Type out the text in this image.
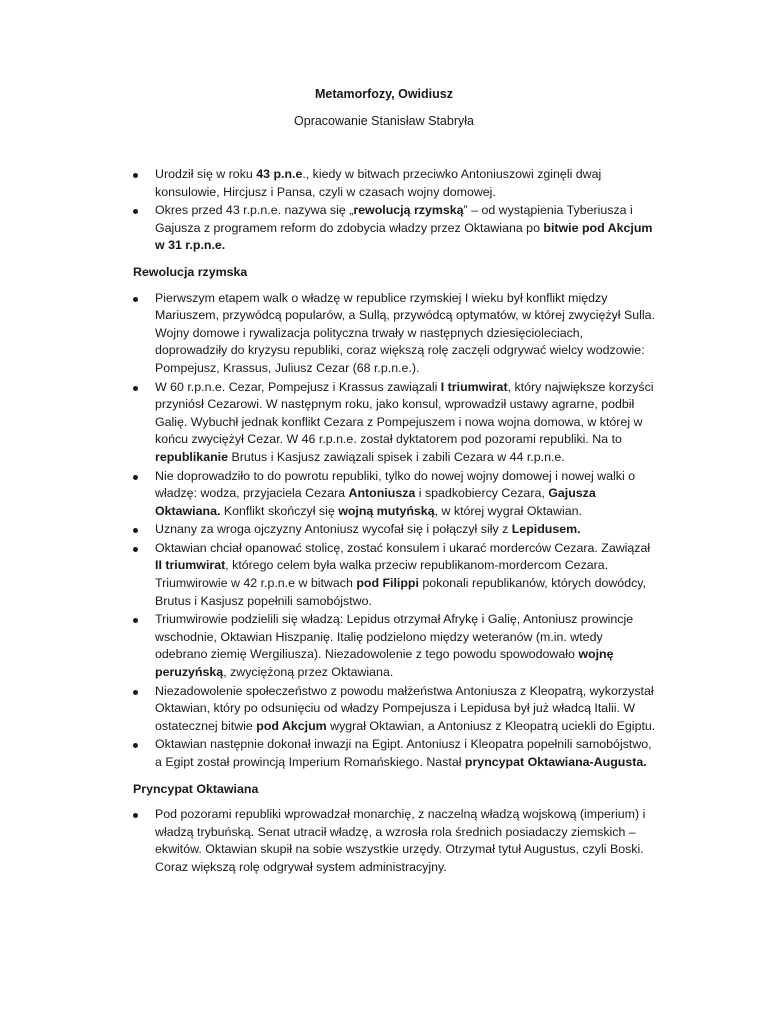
Metamorfozy, Owidiusz
Opracowanie Stanisław Stabryła
Urodził się w roku 43 p.n.e., kiedy w bitwach przeciwko Antoniuszowi zginęli dwaj konsulowie, Hircjusz i Pansa, czyli w czasach wojny domowej.
Okres przed 43 r.p.n.e. nazywa się „rewolucją rzymską” – od wystąpienia Tyberiusza i Gajusza z programem reform do zdobycia władzy przez Oktawiana po bitwie pod Akcjum w 31 r.p.n.e.
Rewolucja rzymska
Pierwszym etapem walk o władzę w republice rzymskiej I wieku był konflikt między Mariuszem, przywódcą popularów, a Sullą, przywódcą optymatów, w której zwyciężył Sulla. Wojny domowe i rywalizacja polityczna trwały w następnych dziesięcioleciach, doprowadziły do kryzysu republiki, coraz większą rolę zaczęli odgrywać wielcy wodzowie: Pompejusz, Krassus, Juliusz Cezar (68 r.p.n.e.).
W 60 r.p.n.e. Cezar, Pompejusz i Krassus zawiązali I triumwirat, który największe korzyści przyniósł Cezarowi. W następnym roku, jako konsul, wprowadził ustawy agrarne, podbił Galię. Wybuchł jednak konflikt Cezara z Pompejuszem i nowa wojna domowa, w której w końcu zwyciężył Cezar. W 46 r.p.n.e. został dyktatorem pod pozorami republiki. Na to republikanie Brutus i Kasjusz zawiązali spisek i zabili Cezara w 44 r.p.n.e.
Nie doprowadziło to do powrotu republiki, tylko do nowej wojny domowej i nowej walki o władzę: wodza, przyjaciela Cezara Antoniusza i spadkobiercy Cezara, Gajusza Oktawiana. Konflikt skończył się wojną mutyńską, w której wygrał Oktawian.
Uznany za wroga ojczyzny Antoniusz wycofał się i połączył siły z Lepidusem.
Oktawian chciał opanować stolicę, zostać konsulem i ukarać morderców Cezara. Zawiązał II triumwirat, którego celem była walka przeciw republikanom-mordercom Cezara. Triumwirowie w 42 r.p.n.e w bitwach pod Filippi pokonali republikanów, których dowódcy, Brutus i Kasjusz popełnili samobójstwo.
Triumwirowie podzielili się władzą: Lepidus otrzymał Afrykę i Galię, Antoniusz prowincje wschodnie, Oktawian Hiszpanię. Italię podzielono między weteranów (m.in. wtedy odebrano ziemię Wergiliusza). Niezadowolenie z tego powodu spowodowało wojnę peruzyńską, zwyciężoną przez Oktawiana.
Niezadowolenie społeczeństwo z powodu małżeństwa Antoniusza z Kleopatrą, wykorzystał Oktawian, który po odsunięciu od władzy Pompejusza i Lepidusa był już władcą Italii. W ostatecznej bitwie pod Akcjum wygrał Oktawian, a Antoniusz z Kleopatrą uciekli do Egiptu.
Oktawian następnie dokonał inwazji na Egipt. Antoniusz i Kleopatra popełnili samobójstwo, a Egipt został prowincją Imperium Romańskiego. Nastał pryncypat Oktawiana-Augusta.
Pryncypat Oktawiana
Pod pozorami republiki wprowadzał monarchię, z naczelną władzą wojskową (imperium) i władzą trybuńską. Senat utracił władzę, a wzrosła rola średnich posiadaczy ziemskich – ekwitów. Oktawian skupił na sobie wszystkie urzędy. Otrzymał tytuł Augustus, czyli Boski. Coraz większą rolę odgrywał system administracyjny.
